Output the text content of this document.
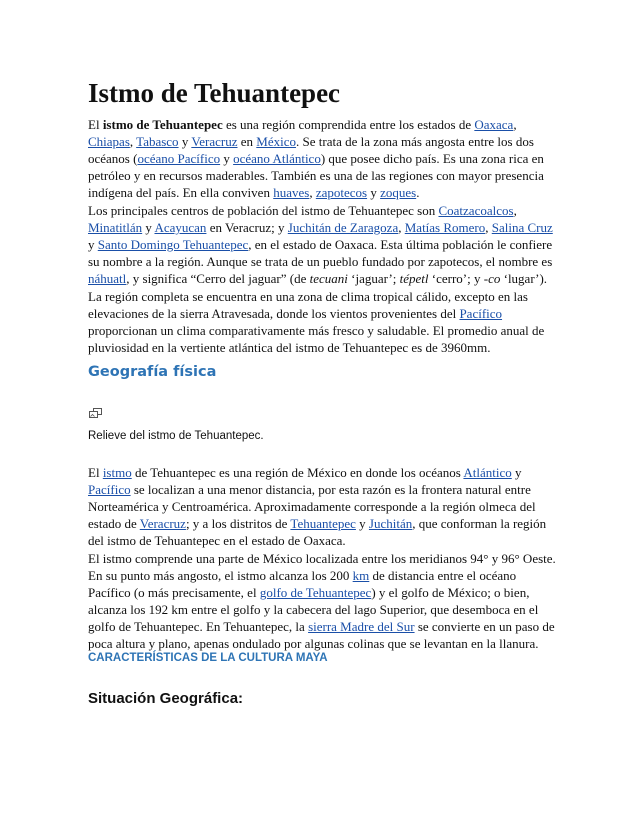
Istmo de Tehuantepec

El istmo de Tehuantepec es una región comprendida entre los estados de Oaxaca, Chiapas, Tabasco y Veracruz en México. Se trata de la zona más angosta entre los dos océanos (océano Pacífico y océano Atlántico) que posee dicho país. Es una zona rica en petróleo y en recursos maderables. También es una de las regiones con mayor presencia indígena del país. En ella conviven huaves, zapotecos y zoques.

Los principales centros de población del istmo de Tehuantepec son Coatzacoalcos, Minatitlán y Acayucan en Veracruz; y Juchitán de Zaragoza, Matías Romero, Salina Cruz y Santo Domingo Tehuantepec, en el estado de Oaxaca. Esta última población le confiere su nombre a la región. Aunque se trata de un pueblo fundado por zapotecos, el nombre es náhuatl, y significa “Cerro del jaguar” (de tecuani ‘jaguar’; tépetl ‘cerro’; y -co ‘lugar’).

La región completa se encuentra en una zona de clima tropical cálido, excepto en las elevaciones de la sierra Atravesada, donde los vientos provenientes del Pacífico proporcionan un clima comparativamente más fresco y saludable. El promedio anual de pluviosidad en la vertiente atlántica del istmo de Tehuantepec es de 3960mm.

Geografía física
Relieve del istmo de Tehuantepec.

El istmo de Tehuantepec es una región de México en donde los océanos Atlántico y Pacífico se localizan a una menor distancia, por esta razón es la frontera natural entre Norteamérica y Centroamérica. Aproximadamente corresponde a la región olmeca del estado de Veracruz; y a los distritos de Tehuantepec y Juchitán, que conforman la región del istmo de Tehuantepec en el estado de Oaxaca.

El istmo comprende una parte de México localizada entre los meridianos 94° y 96° Oeste. En su punto más angosto, el istmo alcanza los 200 km de distancia entre el océano Pacífico (o más precisamente, el golfo de Tehuantepec) y el golfo de México; o bien, alcanza los 192 km entre el golfo y la cabecera del lago Superior, que desemboca en el golfo de Tehuantepec. En Tehuantepec, la sierra Madre del Sur se convierte en un paso de poca altura y plano, apenas ondulado por algunas colinas que se levantan en la llanura.

CARACTERÍSTICAS DE LA CULTURA MAYA
Situación Geográfica:
